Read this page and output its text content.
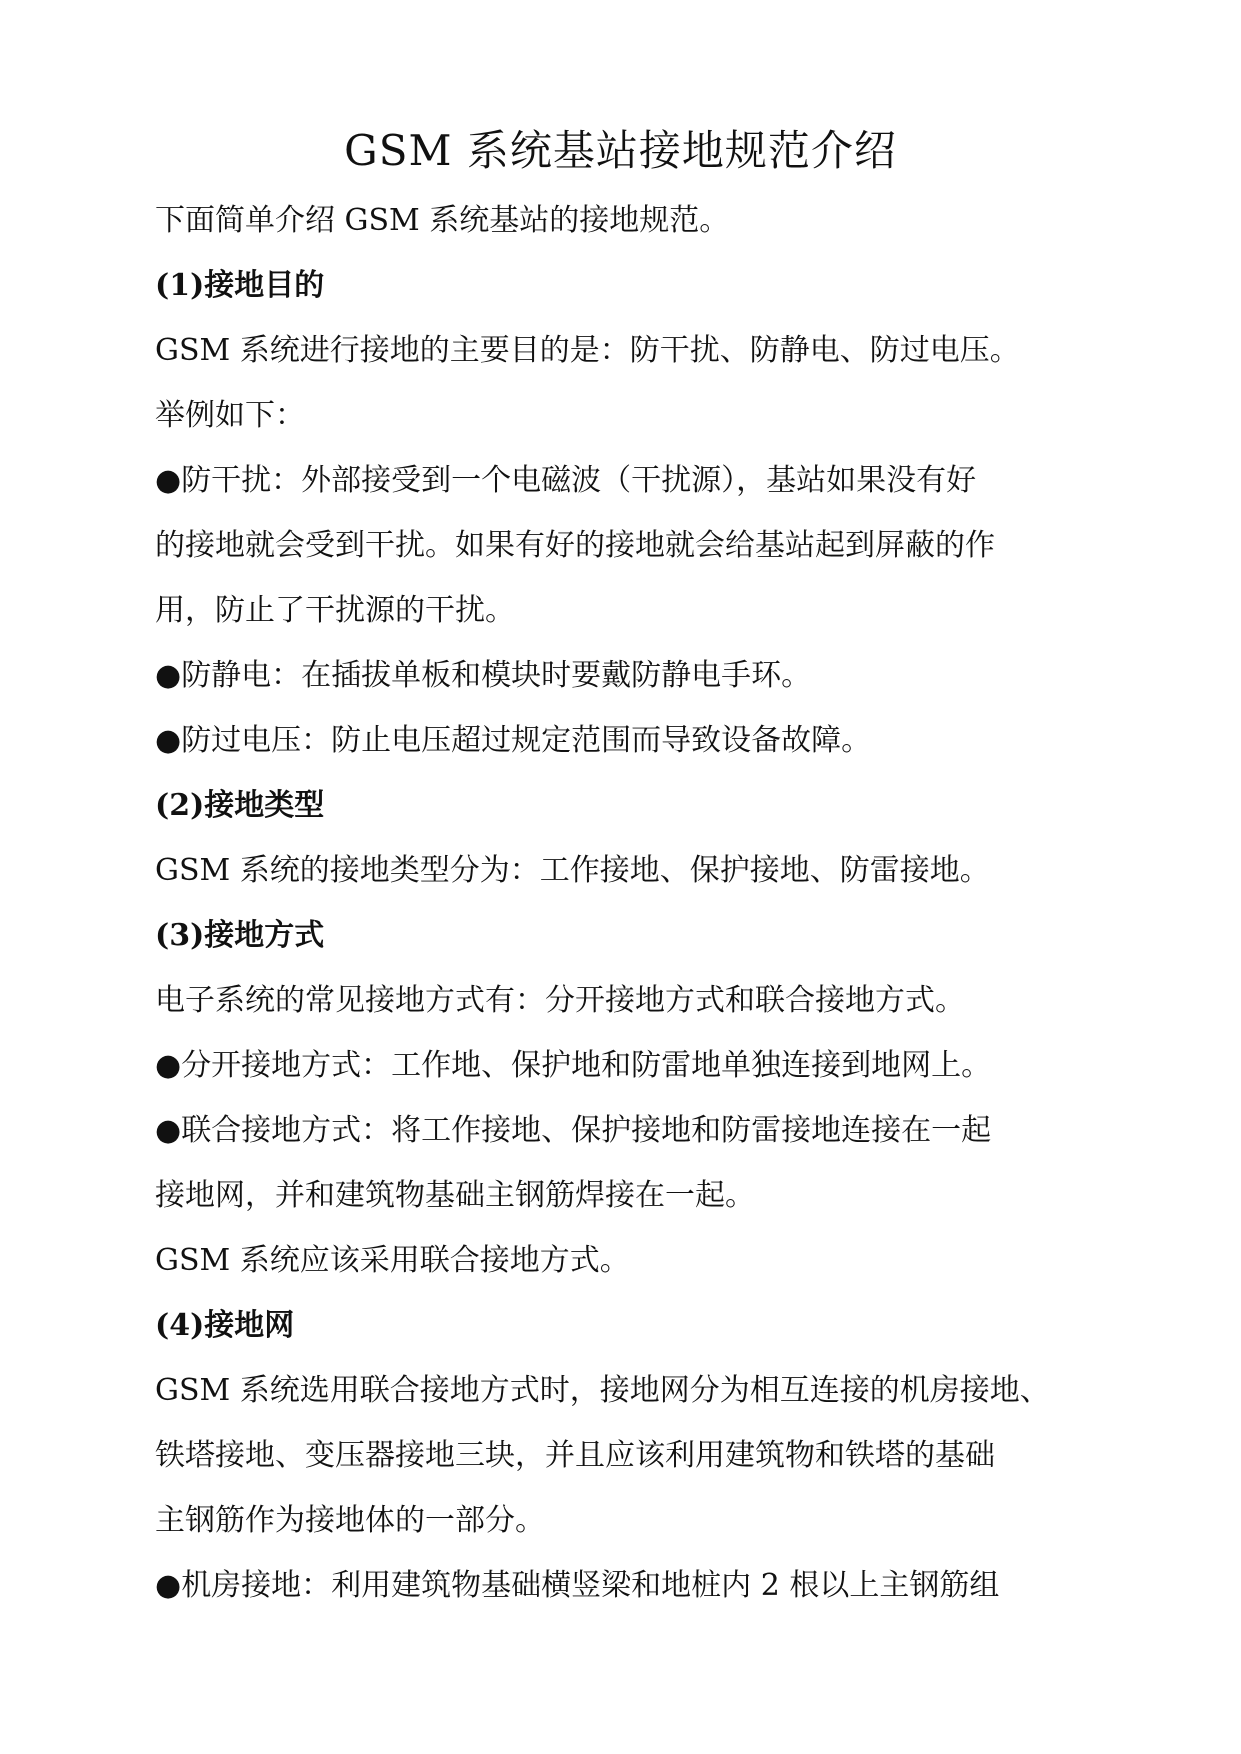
GSM 系统基站接地规范介绍
下面简单介绍 GSM 系统基站的接地规范。
(1)接地目的
GSM 系统进行接地的主要目的是：防干扰、防静电、防过电压。
举例如下：
●防干扰：外部接受到一个电磁波（干扰源），基站如果没有好
的接地就会受到干扰。如果有好的接地就会给基站起到屏蔽的作
用，防止了干扰源的干扰。
●防静电：在插拔单板和模块时要戴防静电手环。
●防过电压：防止电压超过规定范围而导致设备故障。
(2)接地类型
GSM 系统的接地类型分为：工作接地、保护接地、防雷接地。
(3)接地方式
电子系统的常见接地方式有：分开接地方式和联合接地方式。
●分开接地方式：工作地、保护地和防雷地单独连接到地网上。
●联合接地方式：将工作接地、保护接地和防雷接地连接在一起
接地网，并和建筑物基础主钢筋焊接在一起。
GSM 系统应该采用联合接地方式。
(4)接地网
GSM 系统选用联合接地方式时，接地网分为相互连接的机房接地、
铁塔接地、变压器接地三块，并且应该利用建筑物和铁塔的基础
主钢筋作为接地体的一部分。
●机房接地：利用建筑物基础横竖梁和地桩内 2 根以上主钢筋组
